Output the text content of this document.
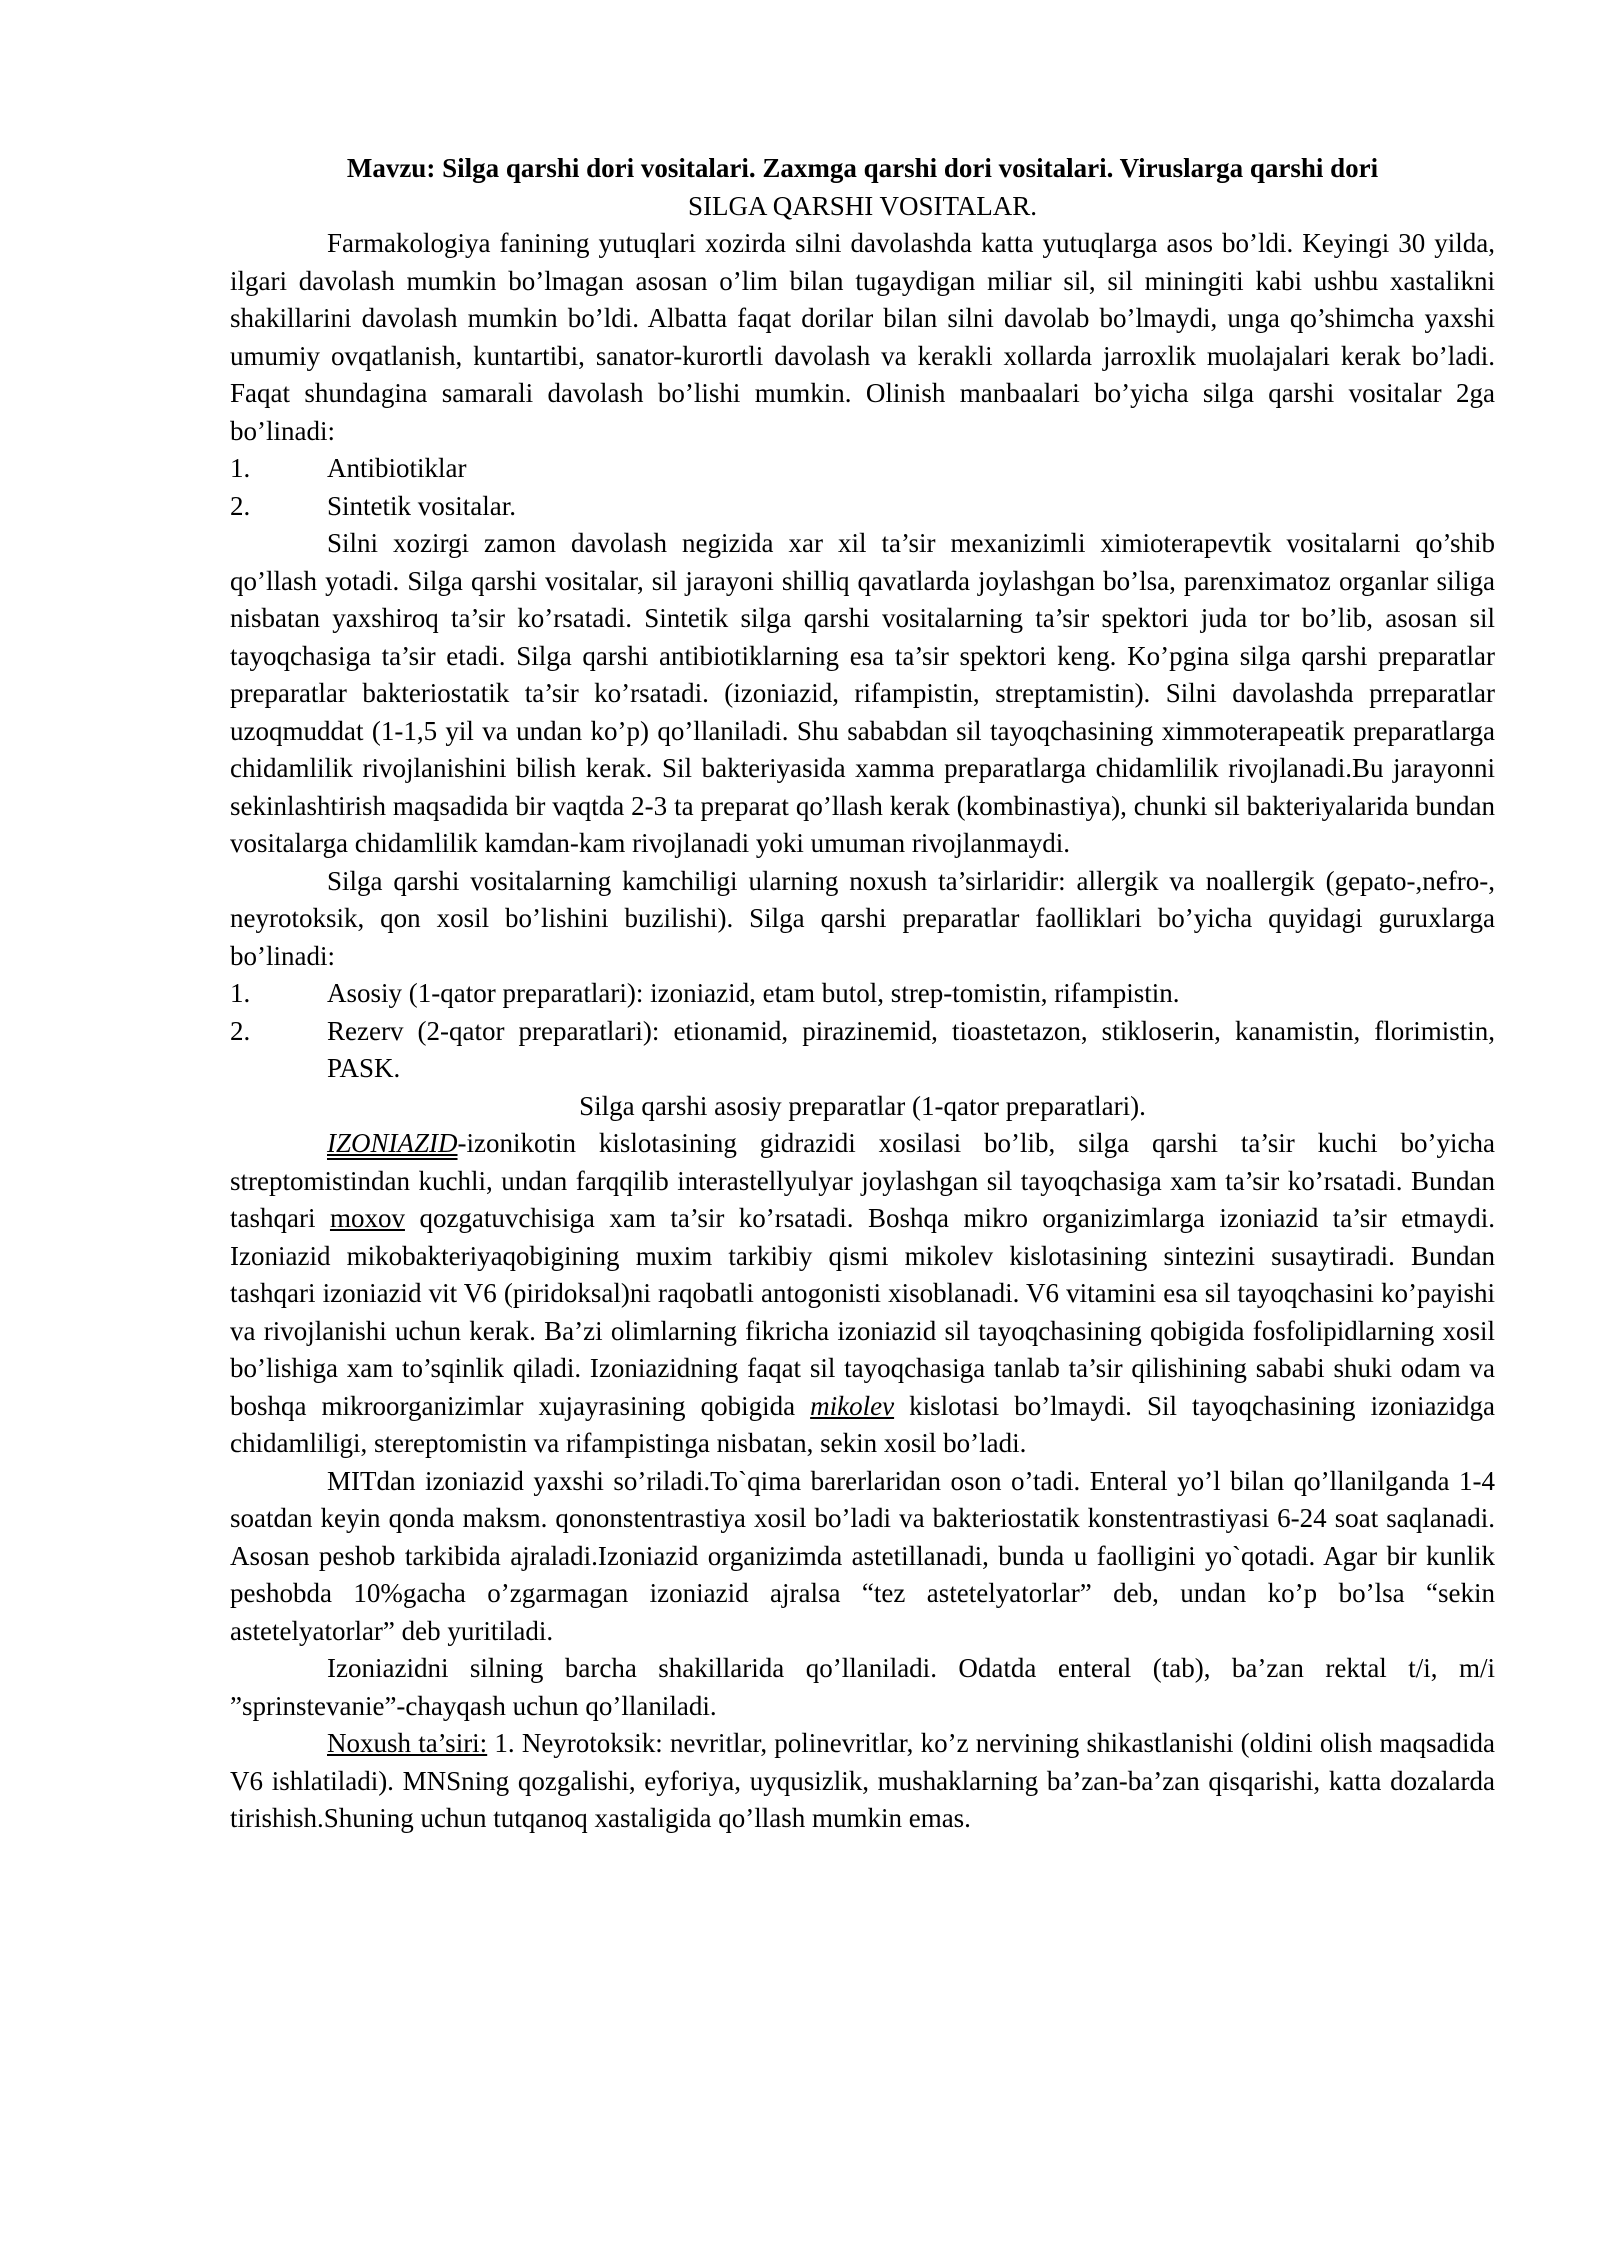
Mavzu: Silga qarshi dori vositalari. Zaxmga qarshi dori vositalari. Viruslarga qarshi dori

SILGA QARSHI VOSITALAR.

Farmakologiya fanining yutuqlari xozirda silni davolashda katta yutuqlarga asos bo’ldi. Keyingi 30 yilda, ilgari davolash mumkin bo’lmagan asosan o’lim bilan tugaydigan miliar sil, sil miningiti kabi ushbu xastalikni shakillarini davolash mumkin bo’ldi. Albatta faqat dorilar bilan silni davolab bo’lmaydi, unga qo’shimcha yaxshi umumiy ovqatlanish, kuntartibi, sanator-kurortli davolash va kerakli xollarda jarroxlik muolajalari kerak bo’ladi. Faqat shundagina samarali davolash bo’lishi mumkin. Olinish manbaalari bo’yicha silga qarshi vositalar 2ga bo’linadi:

1.	Antibiotiklar
2.	Sintetik vositalar.

Silni xozirgi zamon davolash negizida xar xil ta’sir mexanizimli ximioterapevtik vositalarni qo’shib qo’llash yotadi. Silga qarshi vositalar, sil jarayoni shilliq qavatlarda joylashgan bo’lsa, parenximatoz organlar siliga nisbatan yaxshiroq ta’sir ko’rsatadi. Sintetik silga qarshi vositalarning ta’sir spektori juda tor bo’lib, asosan sil tayoqchasiga ta’sir etadi. Silga qarshi antibiotiklarning esa ta’sir spektori keng. Ko’pgina silga qarshi preparatlar preparatlar bakteriostatik ta’sir ko’rsatadi. (izoniazid, rifampistin, streptamistin). Silni davolashda prreparatlar uzoqmuddat (1-1,5 yil va undan ko’p) qo’llaniladi. Shu sababdan sil tayoqchasining ximmoterapeatik preparatlarga chidamlilik rivojlanishini bilish kerak. Sil bakteriyasida xamma preparatlarga chidamlilik rivojlanadi.Bu jarayonni sekinlashtirish maqsadida bir vaqtda 2-3 ta preparat qo’llash kerak (kombinastiya), chunki sil bakteriyalarida bundan vositalarga chidamlilik kamdan-kam rivojlanadi yoki umuman rivojlanmaydi.

Silga qarshi vositalarning kamchiligi ularning noxush ta’sirlaridir: allergik va noallergik (gepato-,nefro-, neyrotoksik, qon xosil bo’lishini buzilishi). Silga qarshi preparatlar faolliklari bo’yicha quyidagi guruxlarga bo’linadi:

1.	Asosiy (1-qator preparatlari): izoniazid, etam butol, strep-tomistin, rifampistin.
2.	Rezerv (2-qator preparatlari): etionamid, pirazinemid, tioastetazon, stikloserin, kanamistin, florimistin, PASK.

Silga qarshi asosiy preparatlar (1-qator preparatlari).

IZONIAZID-izonikotin kislotasining gidrazidi xosilasi bo’lib, silga qarshi ta’sir kuchi bo’yicha streptomistindan kuchli, undan farqqilib interastellyulyar joylashgan sil tayoqchasiga xam ta’sir ko’rsatadi. Bundan tashqari moxov qozgatuvchisiga xam ta’sir ko’rsatadi. Boshqa mikro organizimlarga izoniazid ta’sir etmaydi. Izoniazid mikobakteriyaqobigining muxim tarkibiy qismi mikolev kislotasining sintezini susaytiradi. Bundan tashqari izoniazid vit V6 (piridoksal)ni raqobatli antogonisti xisoblanadi. V6 vitamini esa sil tayoqchasini ko’payishi va rivojlanishi uchun kerak. Ba’zi olimlarning fikricha izoniazid sil tayoqchasining qobigida fosfolipidlarning xosil bo’lishiga xam to’sqinlik qiladi. Izoniazidning faqat sil tayoqchasiga tanlab ta’sir qilishining sababi shuki odam va boshqa mikroorganizimlar xujayrasining qobigida mikolev kislotasi bo’lmaydi. Sil tayoqchasining izoniazidga chidamliligi, stereptomistin va rifampistinga nisbatan, sekin xosil bo’ladi.

MITdan izoniazid yaxshi so’riladi.To`qima barerlaridan oson o’tadi. Enteral yo’l bilan qo’llanilganda 1-4 soatdan keyin qonda maksm. qononstentrastiya xosil bo’ladi va bakteriostatik konstentrastiyasi 6-24 soat saqlanadi. Asosan peshob tarkibida ajraladi.Izoniazid organizimda astetillanadi, bunda u faolligini yo`qotadi. Agar bir kunlik peshobda 10%gacha o’zgarmagan izoniazid ajralsa “tez astetelyatorlar” deb, undan ko’p bo’lsa “sekin astetelyatorlar” deb yuritiladi.

Izoniazidni silning barcha shakillarida qo’llaniladi. Odatda enteral (tab), ba’zan rektal t/i, m/i ”sprinstevanie”-chayqash uchun qo’llaniladi.

Noxush ta’siri: 1. Neyrotoksik: nevritlar, polinevritlar, ko’z nervining shikastlanishi (oldini olish maqsadida V6 ishlatiladi). MNSning qozgalishi, eyforiya, uyqusizlik, mushaklarning ba’zan-ba’zan qisqarishi, katta dozalarda tirishish.Shuning uchun tutqanoq xastaligida qo’llash mumkin emas.
